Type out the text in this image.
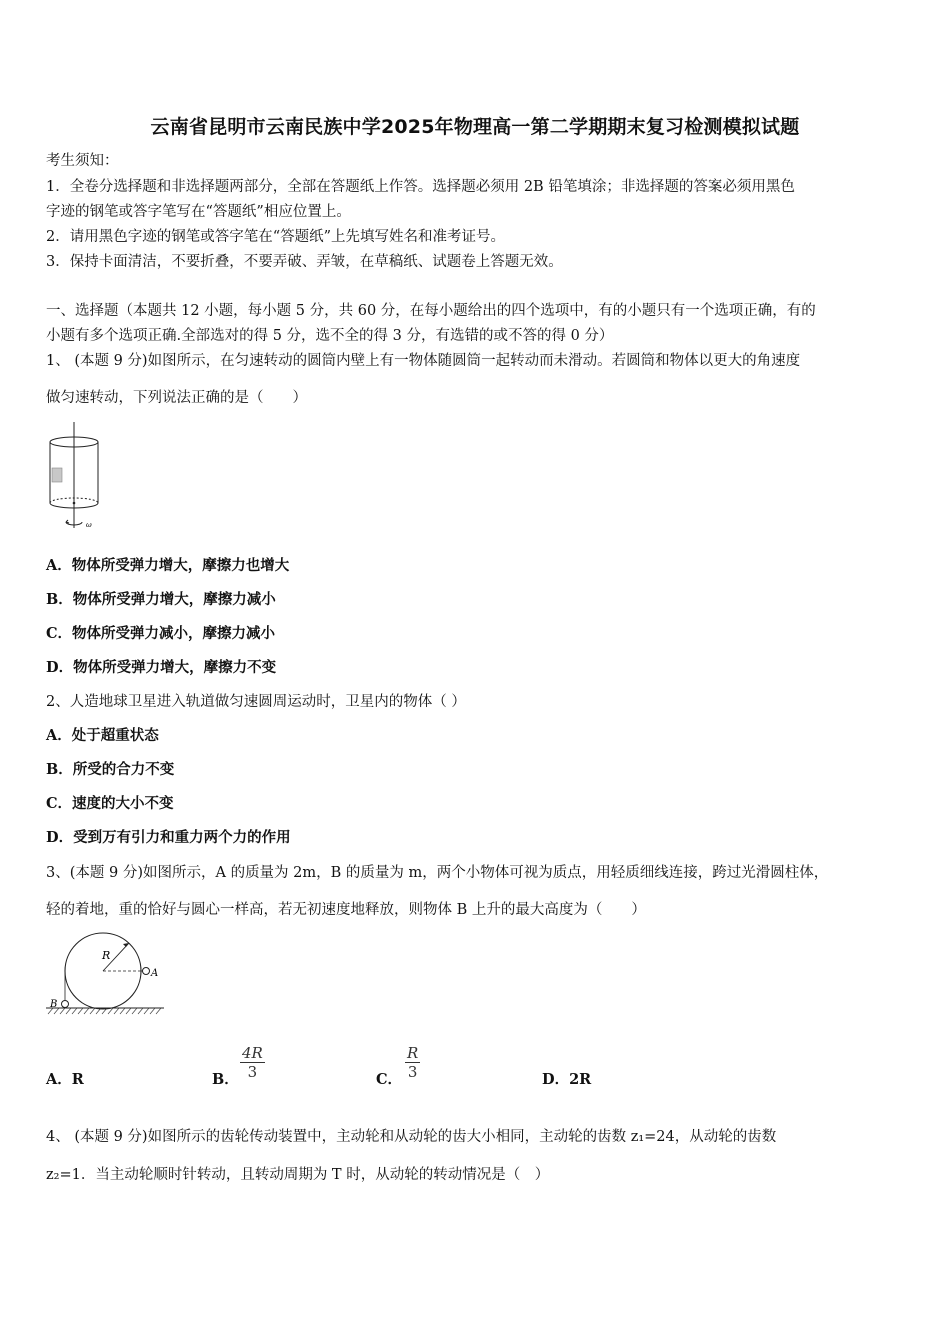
云南省昆明市云南民族中学2025年物理高一第二学期期末复习检测模拟试题
考生须知：
1．全卷分选择题和非选择题两部分，全部在答题纸上作答。选择题必须用 2B 铅笔填涂；非选择题的答案必须用黑色
字迹的钢笔或答字笔写在“答题纸”相应位置上。
2．请用黑色字迹的钢笔或答字笔在“答题纸”上先填写姓名和准考证号。
3．保持卡面清洁，不要折叠，不要弄破、弄皱，在草稿纸、试题卷上答题无效。
一、选择题（本题共 12 小题，每小题 5 分，共 60 分，在每小题给出的四个选项中，有的小题只有一个选项正确，有的
小题有多个选项正确.全部选对的得 5 分，选不全的得 3 分，有选错的或不答的得 0 分）
1、 (本题 9 分)如图所示，在匀速转动的圆筒内壁上有一物体随圆筒一起转动而未滑动。若圆筒和物体以更大的角速度
做匀速转动，下列说法正确的是（　　）
ω
A．物体所受弹力增大，摩擦力也增大
B．物体所受弹力增大，摩擦力减小
C．物体所受弹力减小，摩擦力减小
D．物体所受弹力增大，摩擦力不变
2、人造地球卫星进入轨道做匀速圆周运动时，卫星内的物体（ ）
A．处于超重状态
B．所受的合力不变
C．速度的大小不变
D．受到万有引力和重力两个力的作用
3、(本题 9 分)如图所示，A 的质量为 2m，B 的质量为 m，两个小物体可视为质点，用轻质细线连接，跨过光滑圆柱体，
轻的着地，重的恰好与圆心一样高，若无初速度地释放，则物体 B 上升的最大高度为（　　）
R
A
B
A．R	B． $\frac{4R}{3}$	C． $\frac{R}{3}$	D．2R
4、 (本题 9 分)如图所示的齿轮传动装置中，主动轮和从动轮的齿大小相同，主动轮的齿数 z₁=24，从动轮的齿数
z₂=1．当主动轮顺时针转动，且转动周期为 T 时，从动轮的转动情况是（　）
